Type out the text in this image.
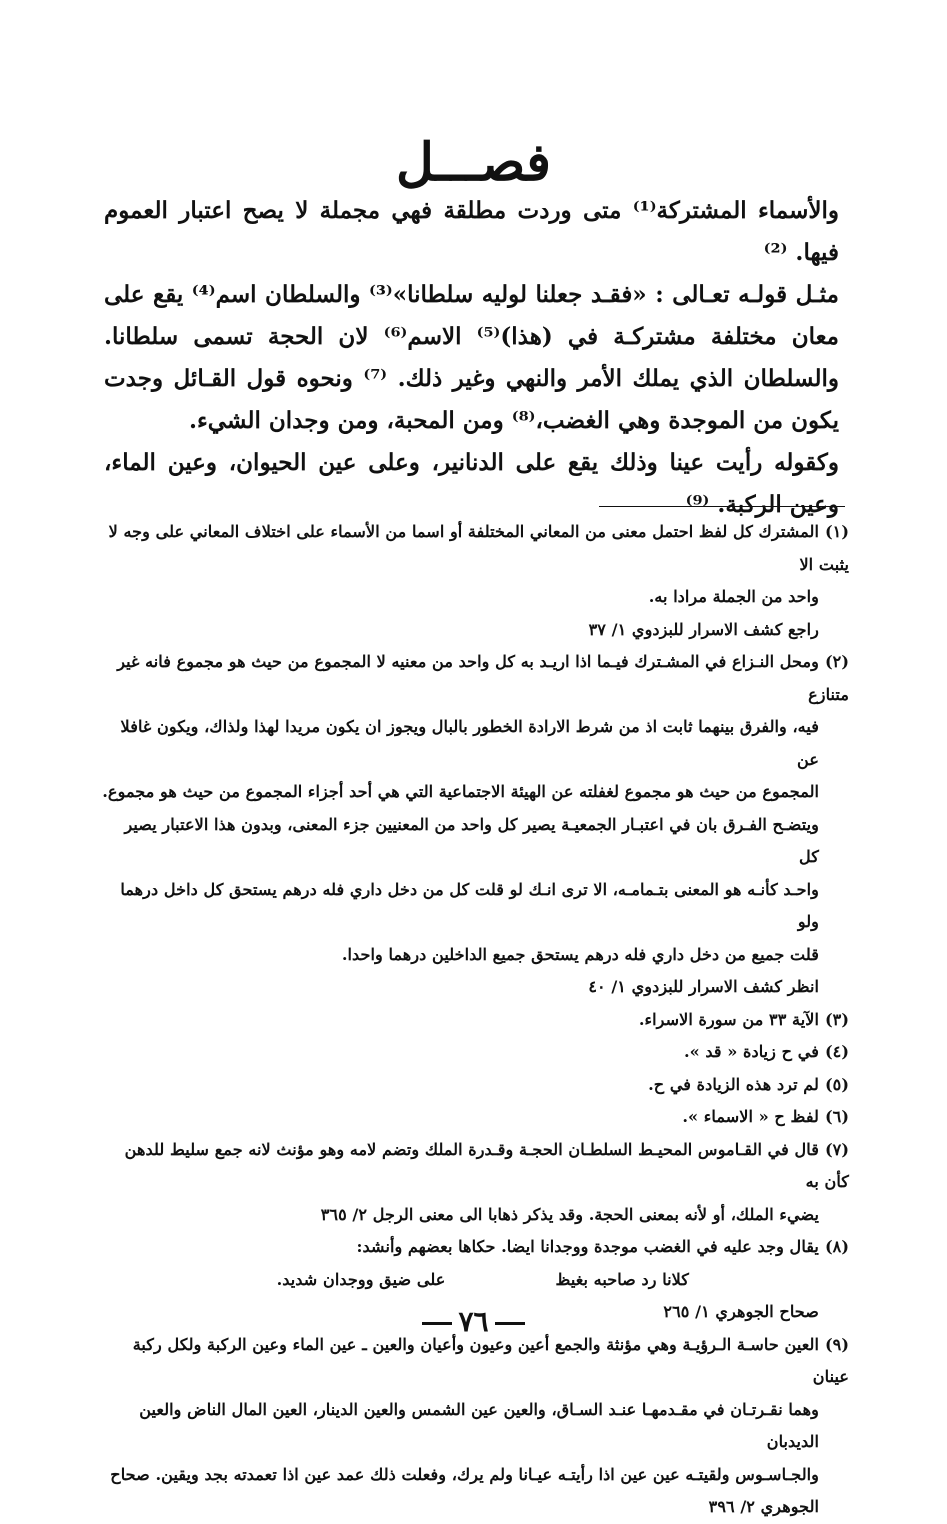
فصـــل

والأسماء المشتركة⁽¹⁾ متى وردت مطلقة فهي مجملة لا يصح اعتبار العموم فيها. ⁽²⁾

مثـل قولـه تعـالى : «فقـد جعلنا لوليه سلطانا»⁽³⁾ والسلطان اسم⁽⁴⁾ يقع على معان مختلفة مشتركـة في (هذا)⁽⁵⁾ الاسم⁽⁶⁾ لان الحجة تسمى سلطانا. والسلطان الذي يملك الأمر والنهي وغير ذلك. ⁽⁷⁾ ونحوه قول القـائل وجدت يكون من الموجدة وهي الغضب،⁽⁸⁾ ومن المحبة، ومن وجدان الشيء.

وكقوله رأيت عينا وذلك يقع على الدنانير، وعلى عين الحيوان، وعين الماء، وعين الركبة. ⁽⁹⁾

(١)المشترك كل لفظ احتمل معنى من المعاني المختلفة أو اسما من الأسماء على اختلاف المعاني على وجه لا يثبت الا
واحد من الجملة مرادا به.
راجع كشف الاسرار للبزدوي ١/ ٣٧
(٢)ومحل النـزاع في المشـترك فيـما اذا اريـد به كل واحد من معنيه لا المجموع من حيث هو مجموع فانه غير متنازع
فيه، والفرق بينهما ثابت اذ من شرط الارادة الخطور بالبال ويجوز ان يكون مريدا لهذا ولذاك، ويكون غافلا عن
المجموع من حيث هو مجموع لغفلته عن الهيئة الاجتماعية التي هي أحد أجزاء المجموع من حيث هو مجموع.
ويتضـح الفـرق بان في اعتبـار الجمعيـة يصير كل واحد من المعنيين جزء المعنى، وبدون هذا الاعتبار يصير كل
واحـد كأنـه هو المعنى بتـمامـه، الا ترى انـك لو قلت كل من دخل داري فله درهم يستحق كل داخل درهما ولو
قلت جميع من دخل داري فله درهم يستحق جميع الداخلين درهما واحدا.
انظر كشف الاسرار للبزدوي ١/ ٤٠
(٣)الآية ٣٣ من سورة الاسراء.
(٤)في ح زيادة « قد ».
(٥)لم ترد هذه الزيادة في ح.
(٦)لفظ ح « الاسماء ».
(٧)قال في القـاموس المحيـط السلطـان الحجـة وقـدرة الملك وتضم لامه وهو مؤنث لانه جمع سليط للدهن كأن به
يضيء الملك، أو لأنه بمعنى الحجة. وقد يذكر ذهابا الى معنى الرجل ٢/ ٣٦٥
(٨)يقال وجد عليه في الغضب موجدة ووجدانا ايضا. حكاها بعضهم وأنشد:
كلانا رد صاحبه بغيظ
على ضيق ووجدان شديد.
صحاح الجوهري ١/ ٢٦٥
(٩)العين حاسـة الـرؤيـة وهي مؤنثة والجمع أعين وعيون وأعيان والعين ـ عين الماء وعين الركبة ولكل ركبة عينان
وهما نقـرتـان في مقـدمهـا عنـد السـاق، والعين عين الشمس والعين الدينار، العين المال الناض والعين الديدبان
والجـاسـوس ولقيتـه عين عين اذا رأيتـه عيـانا ولم يرك، وفعلت ذلك عمد عين اذا تعمدته بجد ويقين. صحاح
الجوهري ٢/ ٣٩٦
٧٦
